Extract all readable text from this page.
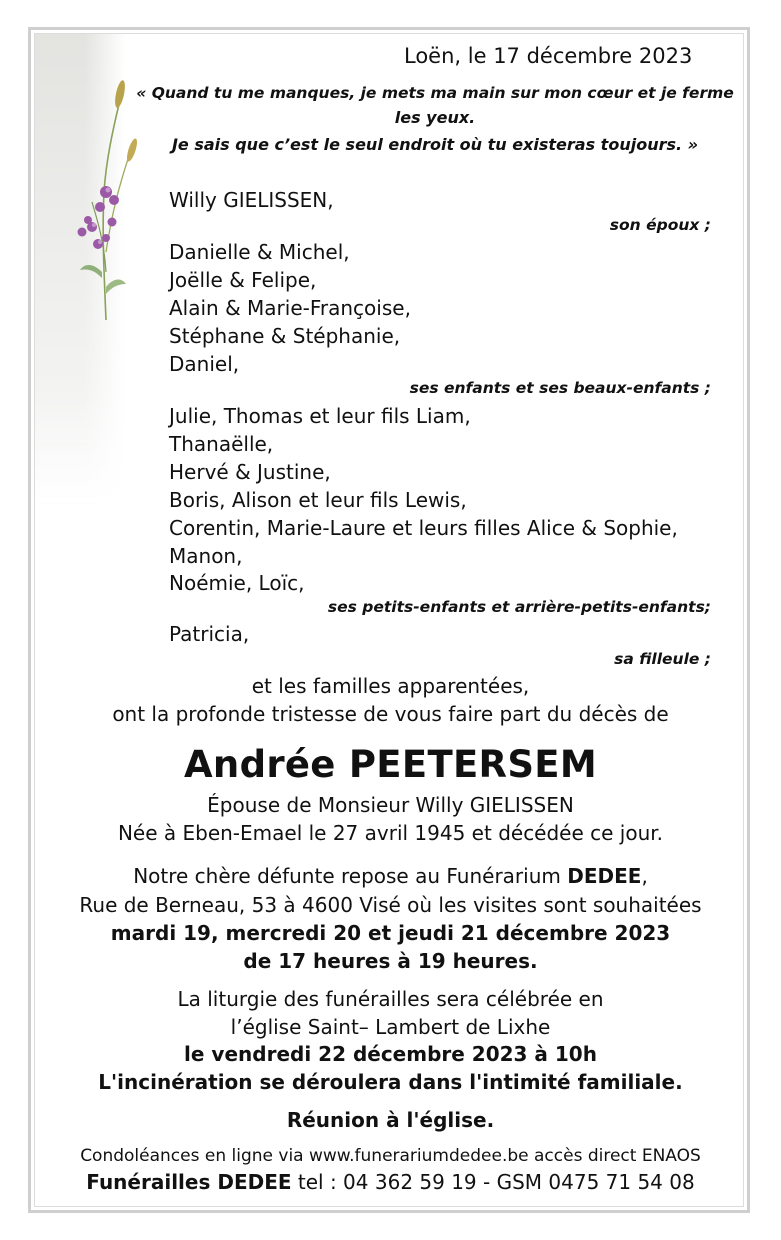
Loën, le 17 décembre 2023
« Quand tu me manques, je mets ma main sur mon cœur et je ferme
les yeux.
Je sais que c’est le seul endroit où tu existeras toujours. »
Willy GIELISSEN,
son époux ;
Danielle & Michel,
Joëlle & Felipe,
Alain & Marie-Françoise,
Stéphane & Stéphanie,
Daniel,
ses enfants et ses beaux-enfants ;
Julie, Thomas et leur fils Liam,
Thanaëlle,
Hervé & Justine,
Boris, Alison et leur fils Lewis,
Corentin, Marie-Laure et leurs filles Alice & Sophie,
Manon,
Noémie, Loïc,
ses petits-enfants et arrière-petits-enfants;
Patricia,
sa filleule ;
et les familles apparentées,
ont la profonde tristesse de vous faire part du décès de
Andrée PEETERSEM
Épouse de Monsieur Willy GIELISSEN
Née à Eben-Emael le 27 avril 1945 et décédée ce jour.
Notre chère défunte repose au Funérarium DEDEE,
Rue de Berneau, 53 à 4600 Visé où les visites sont souhaitées
mardi 19, mercredi 20 et jeudi 21 décembre 2023
de 17 heures à 19 heures.
La liturgie des funérailles sera célébrée en
l’église Saint– Lambert de Lixhe
le vendredi 22 décembre 2023 à 10h
L'incinération se déroulera dans l'intimité familiale.
Réunion à l'église.
Condoléances en ligne via www.funerariumdedee.be accès direct ENAOS
Funérailles DEDEE tel : 04 362 59 19 - GSM 0475 71 54 08
